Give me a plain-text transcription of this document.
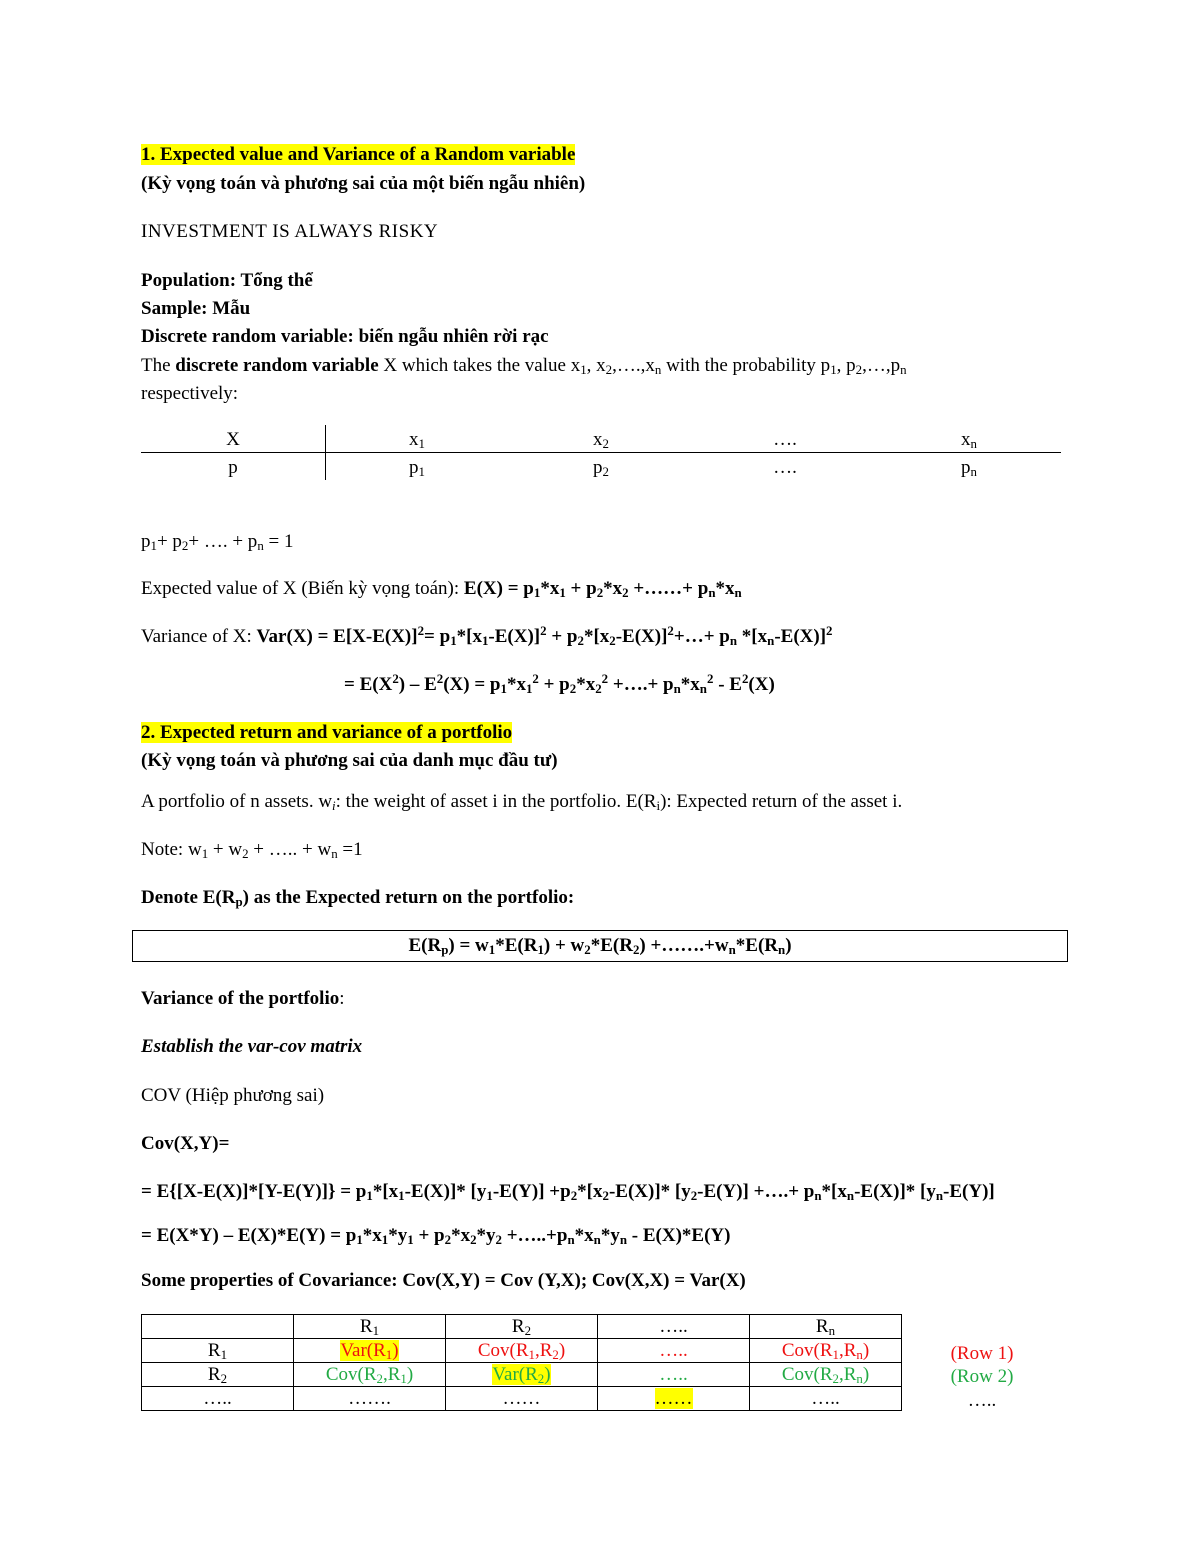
1. Expected value and Variance of a Random variable
(Kỳ vọng toán và phương sai của một biến ngẫu nhiên)
INVESTMENT IS ALWAYS RISKY
Population: Tổng thể
Sample: Mẫu
Discrete random variable: biến ngẫu nhiên rời rạc
The discrete random variable X which takes the value $x_1$, $x_2,\dots.,x_n$ with the probability $p_1$, $p_2,\dots,p_n$
respectively:
X	$x_1$	$x_2$	….	$x_n$
p	$p_1$	$p_2$	….	$p_n$
$p_1+ p_2+$ …. + $p_n = 1$
Expected value of X (Biến kỳ vọng toán): $E(X) = p_1*x_1 + p_2*x_2$ +……+ $p_n*x_n$
Variance of X: $Var(X) = E[X-E(X)]^2= p_1*[x_1-E(X)]^2$ + $p_2*[x_2-E(X)]^2+\dots+ p_n$ $*[x_n-E(X)]^2$
= $E(X^2) - E^2(X) = p_1*x_1^2 + p_2*x_2^2$ +….+ $p_n*x_n^2 - E^2(X)$
2. Expected return and variance of a portfolio
(Kỳ vọng toán và phương sai của danh mục đầu tư)
A portfolio of n assets. $w_i$: the weight of asset i in the portfolio. $E(R_i)$: Expected return of the asset i.
Note: $w_1 + w_2$ + ….. + $w_n =1$
Denote $E(R_p)$ as the Expected return on the portfolio:
$E(R_p) = w_1*E(R_1) + w_2*E(R_2)$ $+\dots\dots.+w_n*E(R_n)$
Variance of the portfolio:
Establish the var-cov matrix
COV (Hiệp phương sai)
Cov(X,Y)=
= $E\{[X-E(X)]*[Y-E(Y)]\} = p_1*[x_1-E(X)]*$ $[y_1-E(Y)] +p_2*[x_2-E(X)]*$ $[y_2-E(Y)]$ +….+ $p_n*[x_n-E(X)]*$ $[y_n-E(Y)]$
= $E(X*Y) - E(X)*E(Y) = p_1*x_1*y_1 + p_2*x_2*y_2$ $+\dots..+p_n*x_n*y_n - E(X)*E(Y)$
Some properties of Covariance: Cov(X,Y) = Cov (Y,X); Cov(X,X) = Var(X)
	$R_1$	$R_2$	…..	$R_n$
$R_1$	$Var(R_1)$	$Cov(R_1,R_2)$	…..	$Cov(R_1,R_n)$
$R_2$	$Cov(R_2,R_1)$	$Var(R_2)$	…..	$Cov(R_2,R_n)$
…..	…….	……	……	…..
(Row 1)
(Row 2)
…..
